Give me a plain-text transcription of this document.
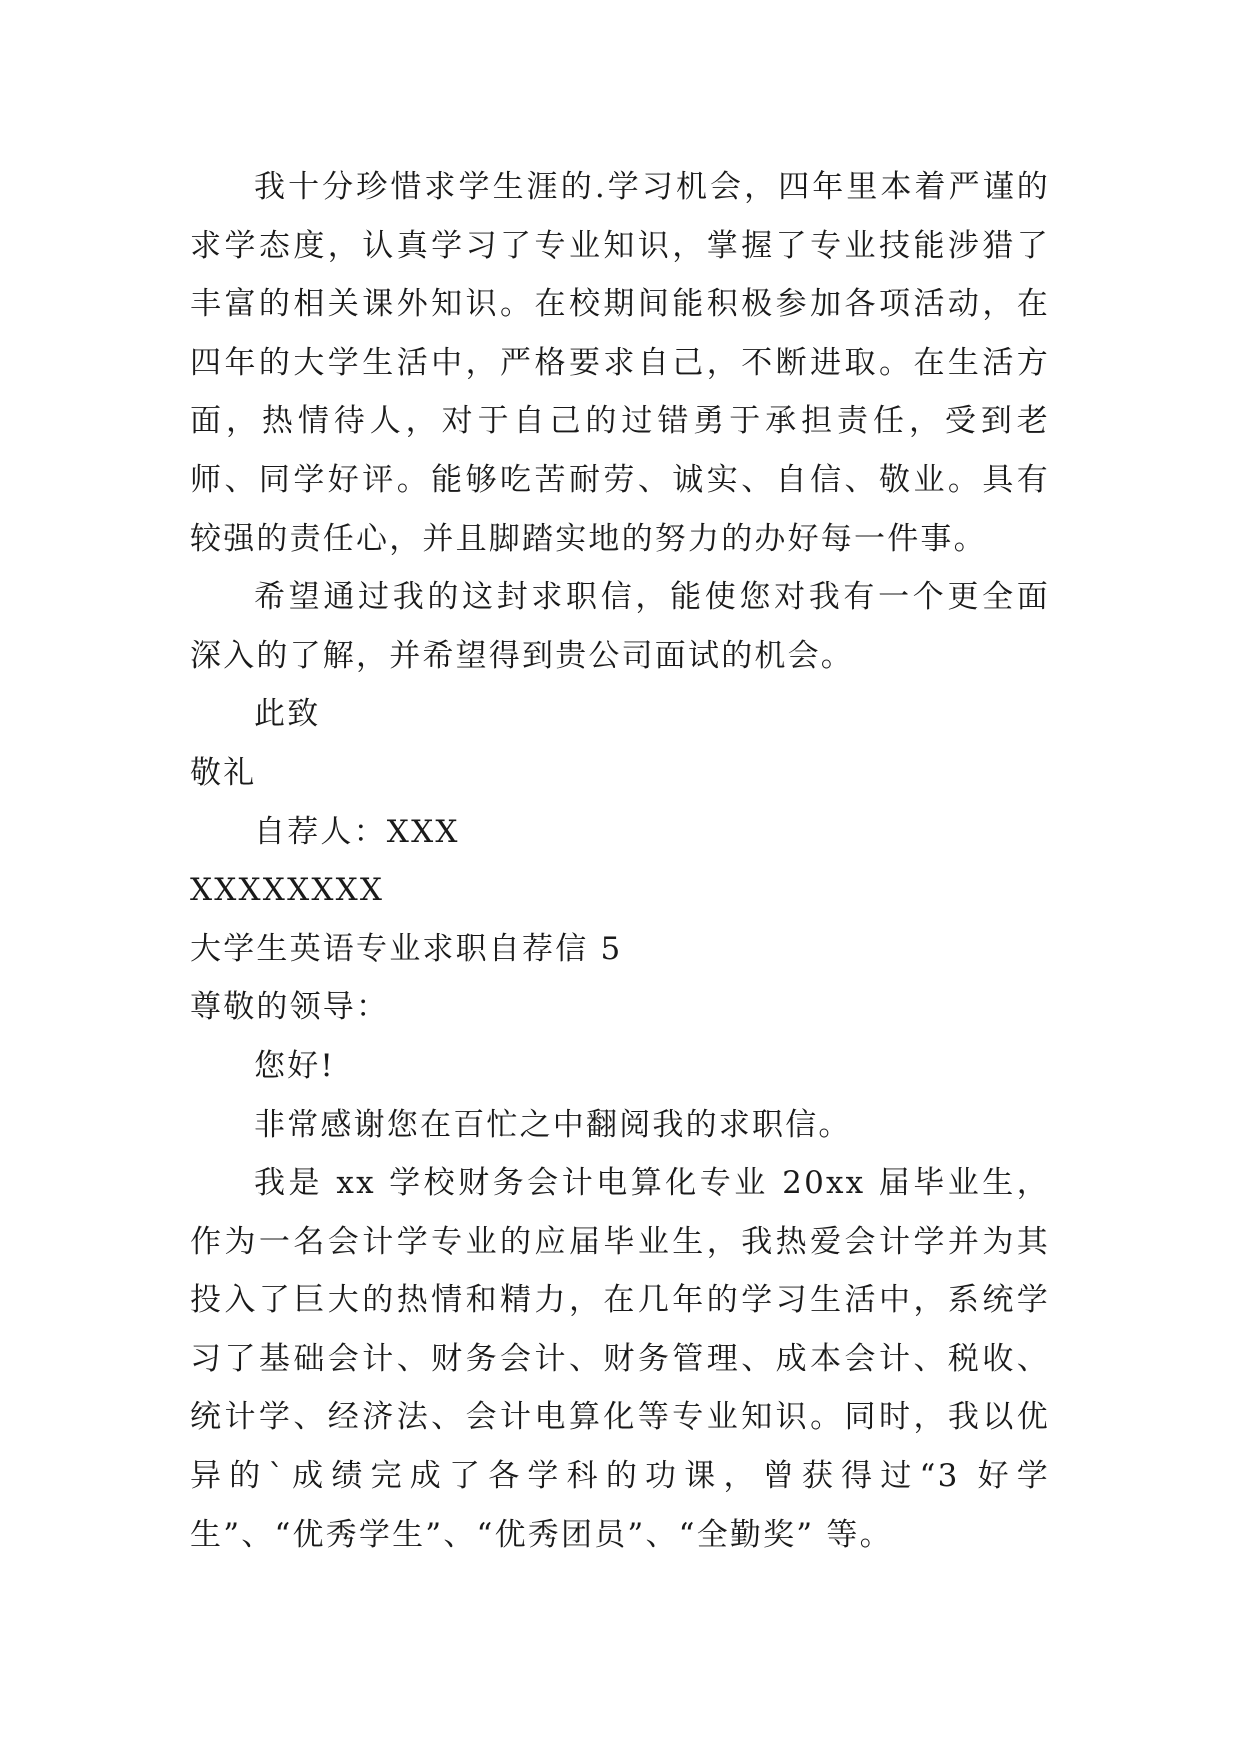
我十分珍惜求学生涯的.学习机会，四年里本着严谨的求学态度，认真学习了专业知识，掌握了专业技能涉猎了丰富的相关课外知识。在校期间能积极参加各项活动，在四年的大学生活中，严格要求自己，不断进取。在生活方面，热情待人，对于自己的过错勇于承担责任，受到老师、同学好评。能够吃苦耐劳、诚实、自信、敬业。具有较强的责任心，并且脚踏实地的努力的办好每一件事。

希望通过我的这封求职信，能使您对我有一个更全面深入的了解，并希望得到贵公司面试的机会。

此致

敬礼

自荐人：XXX

XXXXXXXX

大学生英语专业求职自荐信 5

尊敬的领导：

您好!

非常感谢您在百忙之中翻阅我的求职信。

我是 xx 学校财务会计电算化专业 20xx 届毕业生，作为一名会计学专业的应届毕业生，我热爱会计学并为其投入了巨大的热情和精力，在几年的学习生活中，系统学习了基础会计、财务会计、财务管理、成本会计、税收、统计学、经济法、会计电算化等专业知识。同时，我以优异的`成绩完成了各学科的功课，曾获得过“3 好学生”、“优秀学生”、“优秀团员”、“全勤奖” 等。
